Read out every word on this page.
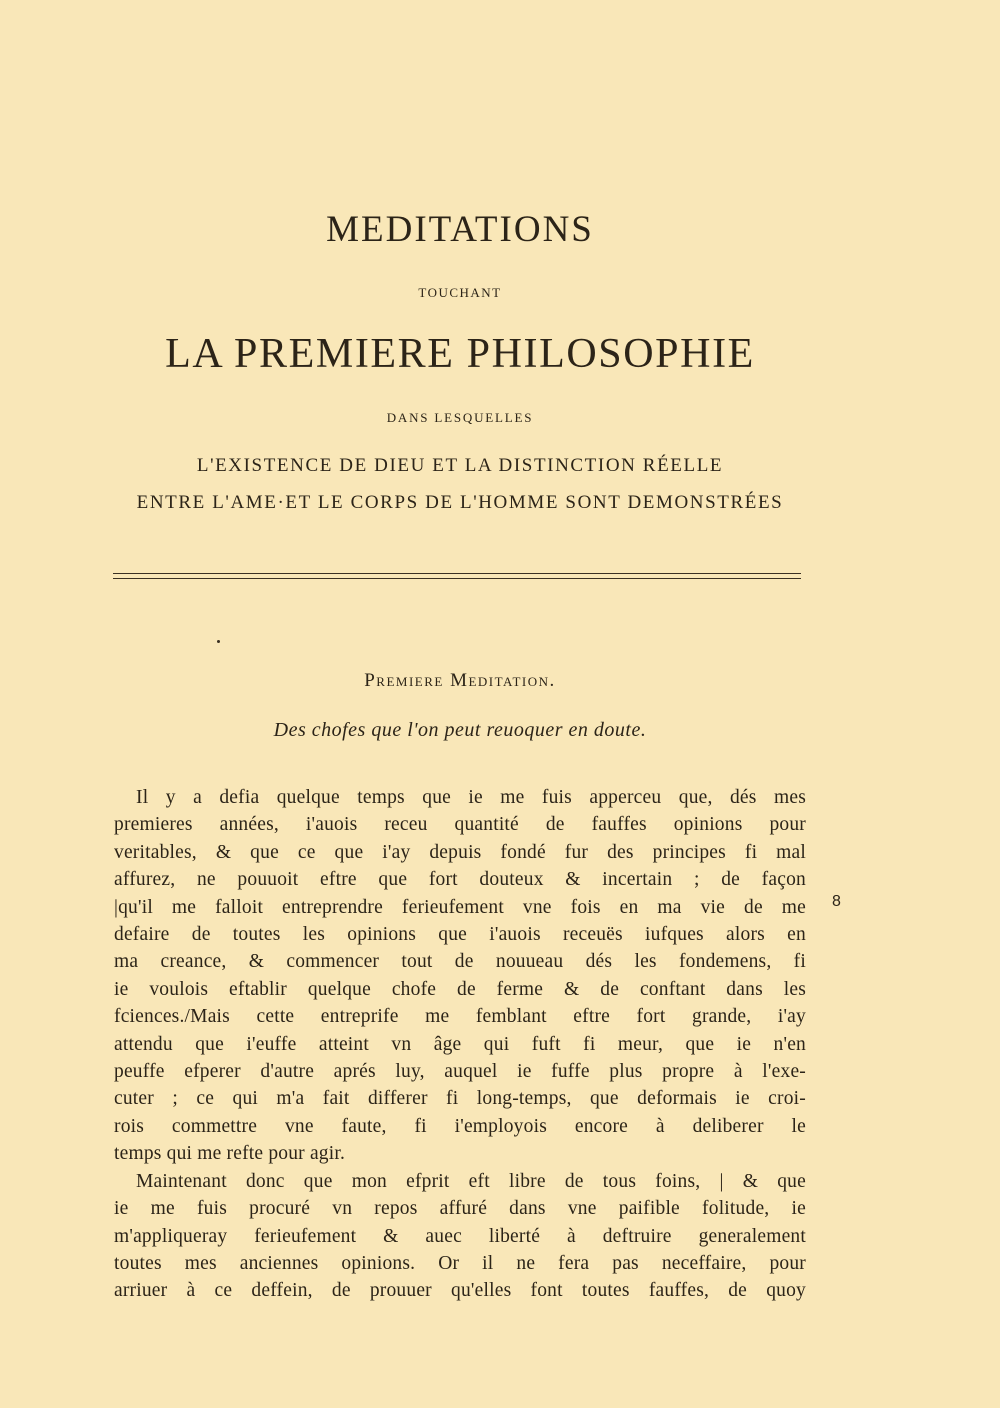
MEDITATIONS
TOUCHANT
LA PREMIERE PHILOSOPHIE
DANS LESQUELLES
L'EXISTENCE DE DIEU ET LA DISTINCTION RÉELLE
ENTRE L'AME·ET LE CORPS DE L'HOMME SONT DEMONSTRÉES
Premiere Meditation.
Des chofes que l'on peut reuoquer en doute.
Il y a defia quelque temps que ie me fuis apperceu que, dés mes
premieres années, i'auois receu quantité de fauffes opinions pour
veritables, & que ce que i'ay depuis fondé fur des principes fi mal
affurez, ne pouuoit eftre que fort douteux & incertain ; de façon
|qu'il me falloit entreprendre ferieufement vne fois en ma vie de me
defaire de toutes les opinions que i'auois receuës iufques alors en
ma creance, & commencer tout de nouueau dés les fondemens, fi
ie voulois eftablir quelque chofe de ferme & de conftant dans les
fciences./Mais cette entreprife me femblant eftre fort grande, i'ay
attendu que i'euffe atteint vn âge qui fuft fi meur, que ie n'en
peuffe efperer d'autre aprés luy, auquel ie fuffe plus propre à l'exe-
cuter ; ce qui m'a fait differer fi long-temps, que deformais ie croi-
rois commettre vne faute, fi i'employois encore à deliberer le
temps qui me refte pour agir.
Maintenant donc que mon efprit eft libre de tous foins, | & que
ie me fuis procuré vn repos affuré dans vne paifible folitude, ie
m'appliqueray ferieufement & auec liberté à deftruire generalement
toutes mes anciennes opinions. Or il ne fera pas neceffaire, pour
arriuer à ce deffein, de prouuer qu'elles font toutes fauffes, de quoy
8
